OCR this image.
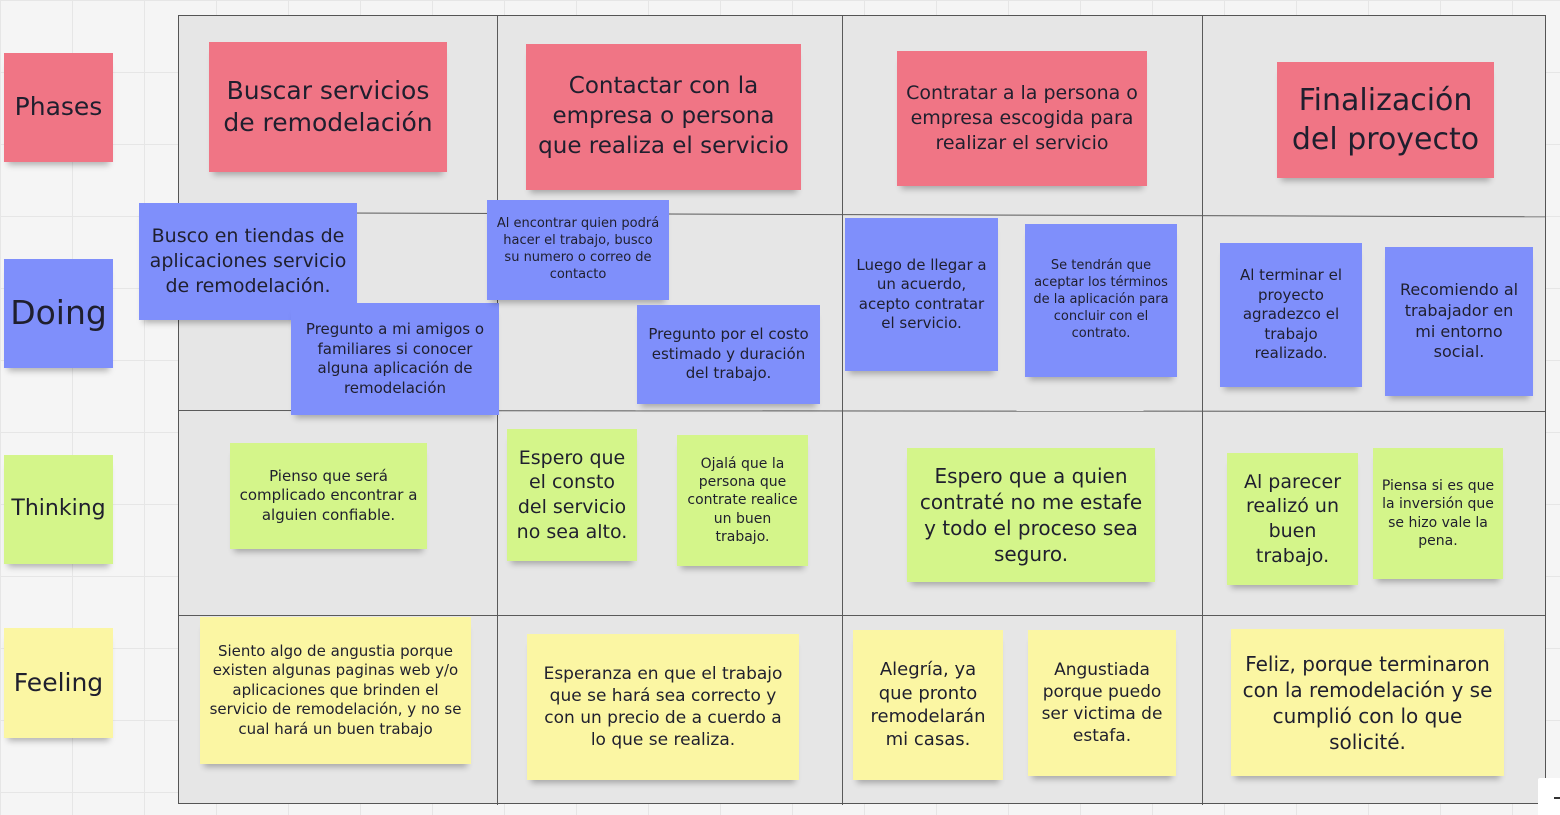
Phases
Doing
Thinking
Feeling
Buscar servicios de remodelación
Contactar con la empresa o persona que realiza el servicio
Contratar a la persona o empresa escogida para realizar el servicio
Finalización del proyecto
Busco en tiendas de aplicaciones servicio de remodelación.
Pregunto a mi amigos o familiares si conocer alguna aplicación de remodelación
Al encontrar quien podrá hacer el trabajo, busco su numero o correo de contacto
Pregunto por el costo estimado y duración del trabajo.
Luego de llegar a un acuerdo, acepto contratar el servicio.
Se tendrán que aceptar los términos de la aplicación para concluir con el contrato.
Al terminar el proyecto agradezco el trabajo realizado.
Recomiendo al trabajador en mi entorno social.
Pienso que será complicado encontrar a alguien confiable.
Espero que el consto del servicio no sea alto.
Ojalá que la persona que contrate realice un buen trabajo.
Espero que a quien contraté no me estafe y todo el proceso sea seguro.
Al parecer realizó un buen trabajo.
Piensa si es que la inversión que se hizo vale la pena.
Siento algo de angustia porque existen algunas paginas web y/o aplicaciones que brinden el servicio de remodelación, y no se cual hará un buen trabajo
Esperanza en que el trabajo que se hará sea correcto y con un precio de a cuerdo a lo que se realiza.
Alegría, ya que pronto remodelarán mi casas.
Angustiada porque puedo ser victima de estafa.
Feliz, porque terminaron con la remodelación y se cumplió con lo que solicité.
